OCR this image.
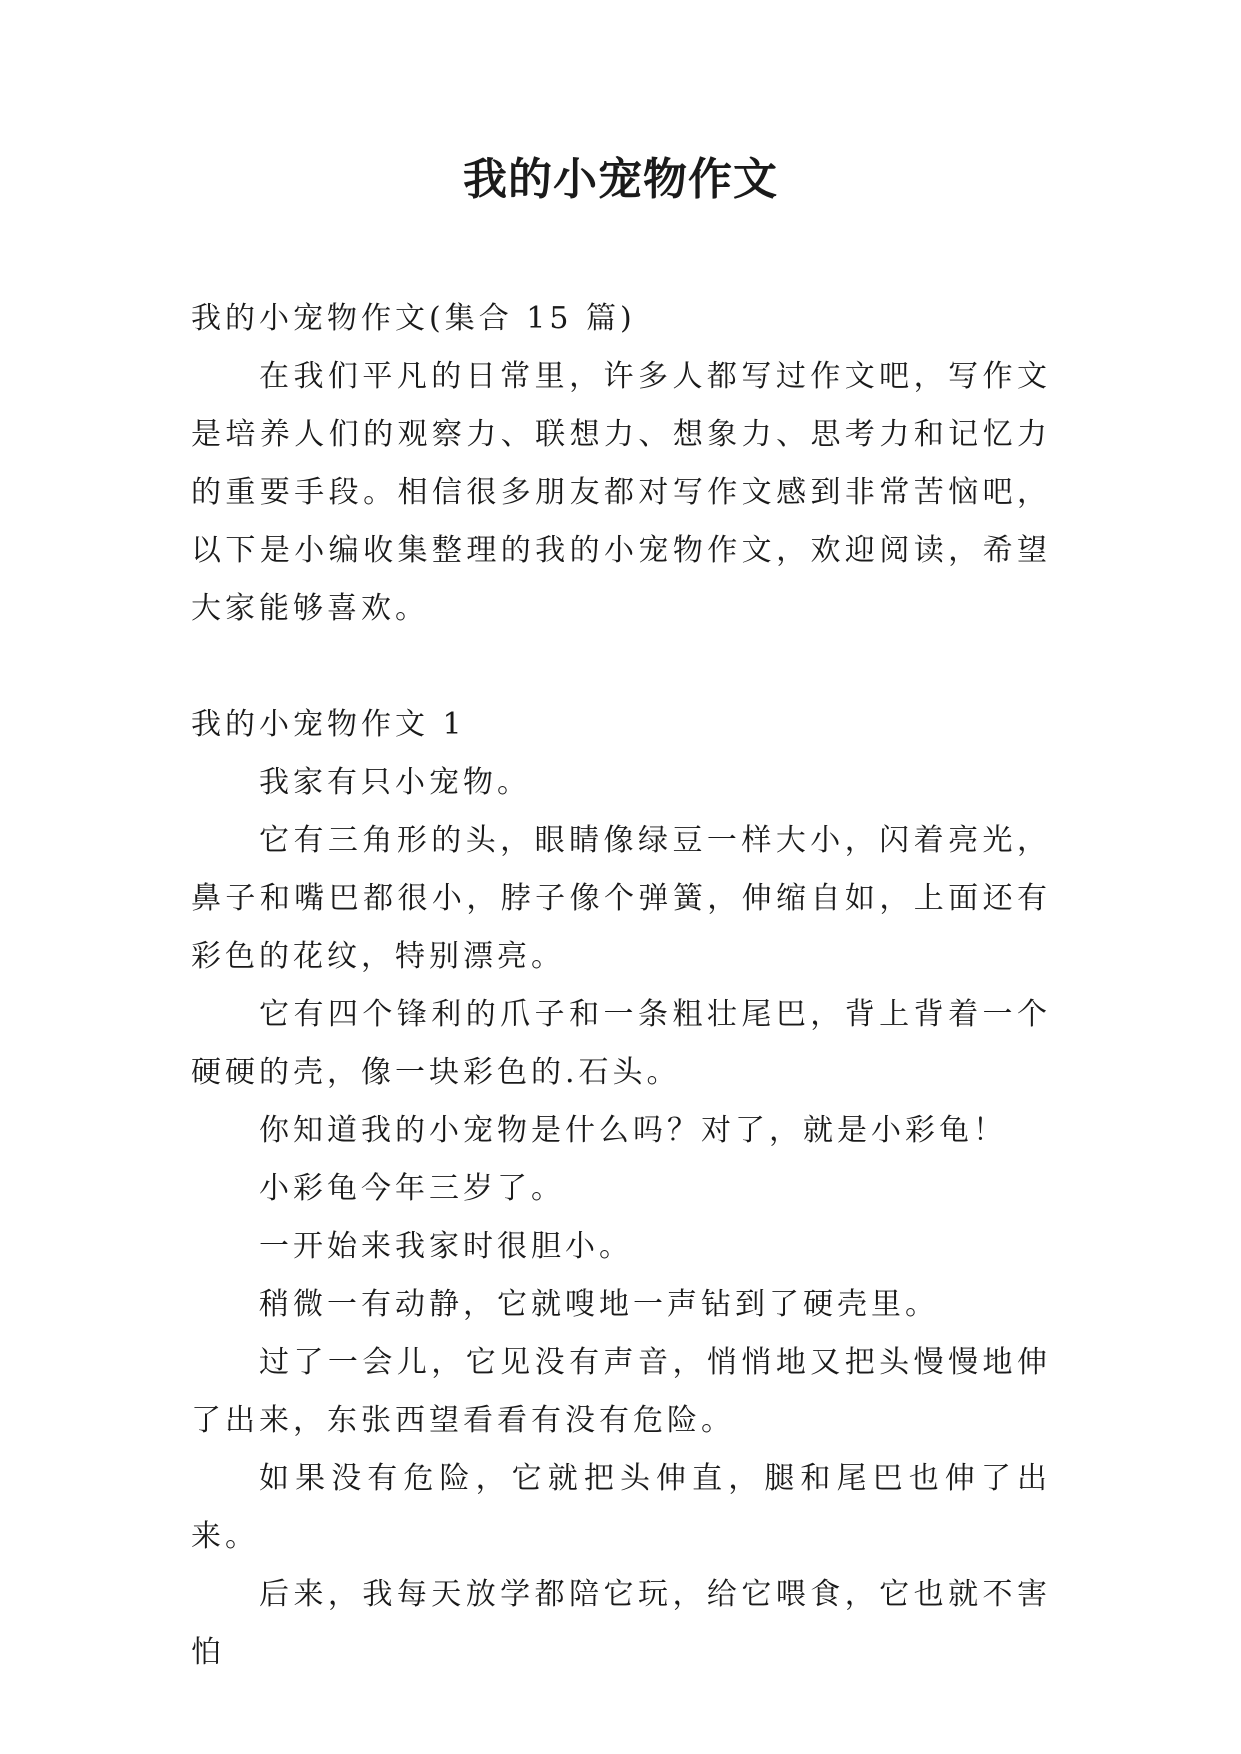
我的小宠物作文

我的小宠物作文(集合 15 篇)

在我们平凡的日常里，许多人都写过作文吧，写作文是培养人们的观察力、联想力、想象力、思考力和记忆力的重要手段。相信很多朋友都对写作文感到非常苦恼吧，以下是小编收集整理的我的小宠物作文，欢迎阅读，希望大家能够喜欢。

我的小宠物作文 1

我家有只小宠物。

它有三角形的头，眼睛像绿豆一样大小，闪着亮光，鼻子和嘴巴都很小，脖子像个弹簧，伸缩自如，上面还有彩色的花纹，特别漂亮。

它有四个锋利的爪子和一条粗壮尾巴，背上背着一个硬硬的壳，像一块彩色的.石头。

你知道我的小宠物是什么吗？对了，就是小彩龟！

小彩龟今年三岁了。

一开始来我家时很胆小。

稍微一有动静，它就嗖地一声钻到了硬壳里。

过了一会儿，它见没有声音，悄悄地又把头慢慢地伸了出来，东张西望看看有没有危险。

如果没有危险，它就把头伸直，腿和尾巴也伸了出来。

后来，我每天放学都陪它玩，给它喂食，它也就不害怕
